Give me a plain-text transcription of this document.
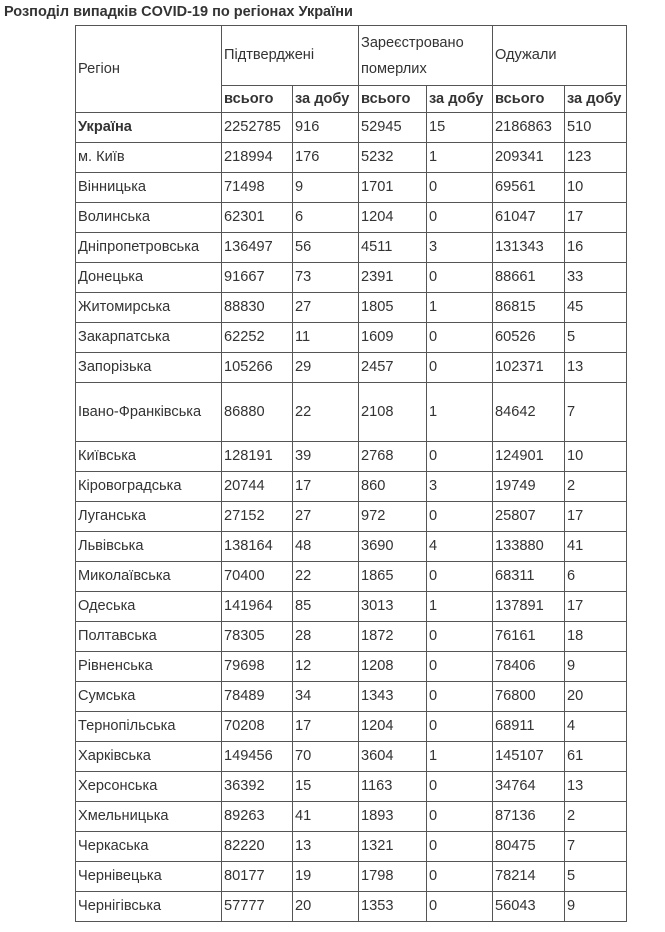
Розподіл випадків COVID-19 по регіонах України
Регіон	Підтверджені		Зареєстровано померлих		Одужали	
	всього	за добу	всього	за добу	всього	за добу
Україна	2252785	916	52945	15	2186863	510
м. Київ	218994	176	5232	1	209341	123
Вінницька	71498	9	1701	0	69561	10
Волинська	62301	6	1204	0	61047	17
Дніпропетровська	136497	56	4511	3	131343	16
Донецька	91667	73	2391	0	88661	33
Житомирська	88830	27	1805	1	86815	45
Закарпатська	62252	11	1609	0	60526	5
Запорізька	105266	29	2457	0	102371	13
Івано-Франківська	86880	22	2108	1	84642	7
Київська	128191	39	2768	0	124901	10
Кіровоградська	20744	17	860	3	19749	2
Луганська	27152	27	972	0	25807	17
Львівська	138164	48	3690	4	133880	41
Миколаївська	70400	22	1865	0	68311	6
Одеська	141964	85	3013	1	137891	17
Полтавська	78305	28	1872	0	76161	18
Рівненська	79698	12	1208	0	78406	9
Сумська	78489	34	1343	0	76800	20
Тернопільська	70208	17	1204	0	68911	4
Харківська	149456	70	3604	1	145107	61
Херсонська	36392	15	1163	0	34764	13
Хмельницька	89263	41	1893	0	87136	2
Черкаська	82220	13	1321	0	80475	7
Чернівецька	80177	19	1798	0	78214	5
Чернігівська	57777	20	1353	0	56043	9
